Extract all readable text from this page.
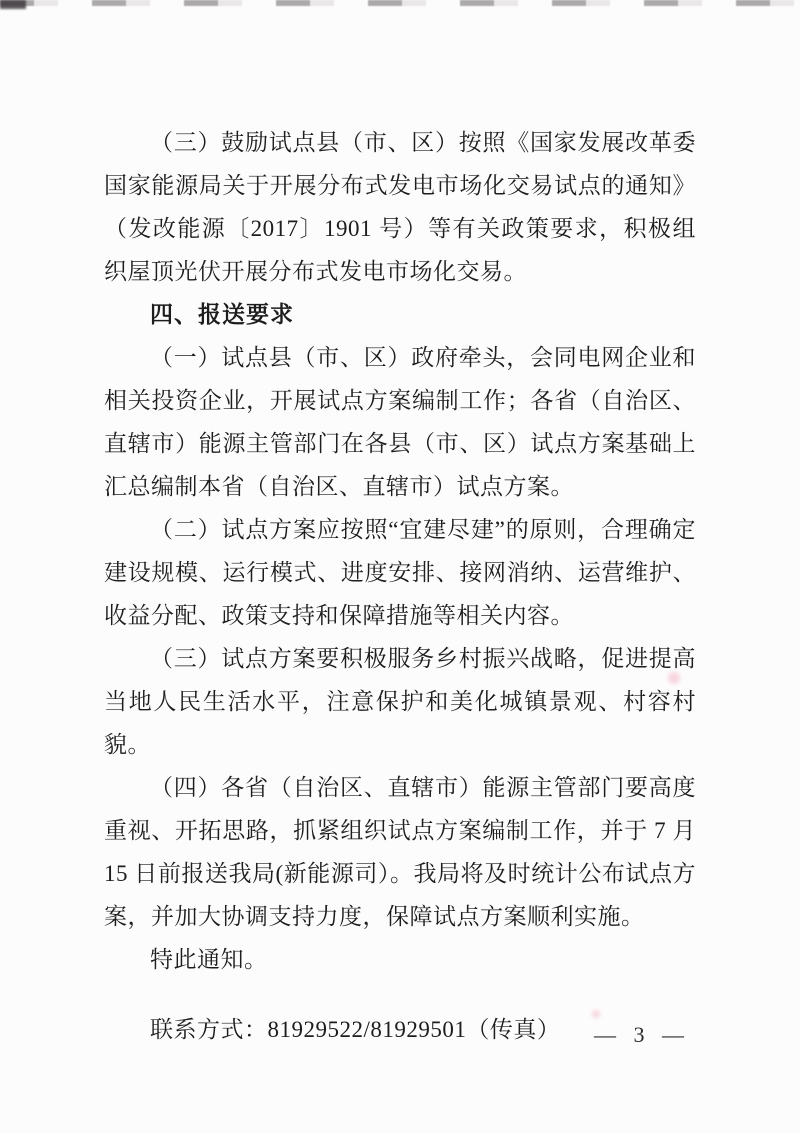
（三）鼓励试点县（市、区）按照《国家发展改革委 国家能源局关于开展分布式发电市场化交易试点的通知》（发改能源〔2017〕1901 号）等有关政策要求，积极组织屋顶光伏开展分布式发电市场化交易。

四、报送要求

（一）试点县（市、区）政府牵头，会同电网企业和相关投资企业，开展试点方案编制工作；各省（自治区、直辖市）能源主管部门在各县（市、区）试点方案基础上汇总编制本省（自治区、直辖市）试点方案。

（二）试点方案应按照“宜建尽建”的原则，合理确定建设规模、运行模式、进度安排、接网消纳、运营维护、收益分配、政策支持和保障措施等相关内容。

（三）试点方案要积极服务乡村振兴战略，促进提高当地人民生活水平，注意保护和美化城镇景观、村容村貌。

（四）各省（自治区、直辖市）能源主管部门要高度重视、开拓思路，抓紧组织试点方案编制工作，并于 7 月 15 日前报送我局(新能源司）。我局将及时统计公布试点方案，并加大协调支持力度，保障试点方案顺利实施。

特此通知。

联系方式：81929522/81929501（传真）	— 3 —
